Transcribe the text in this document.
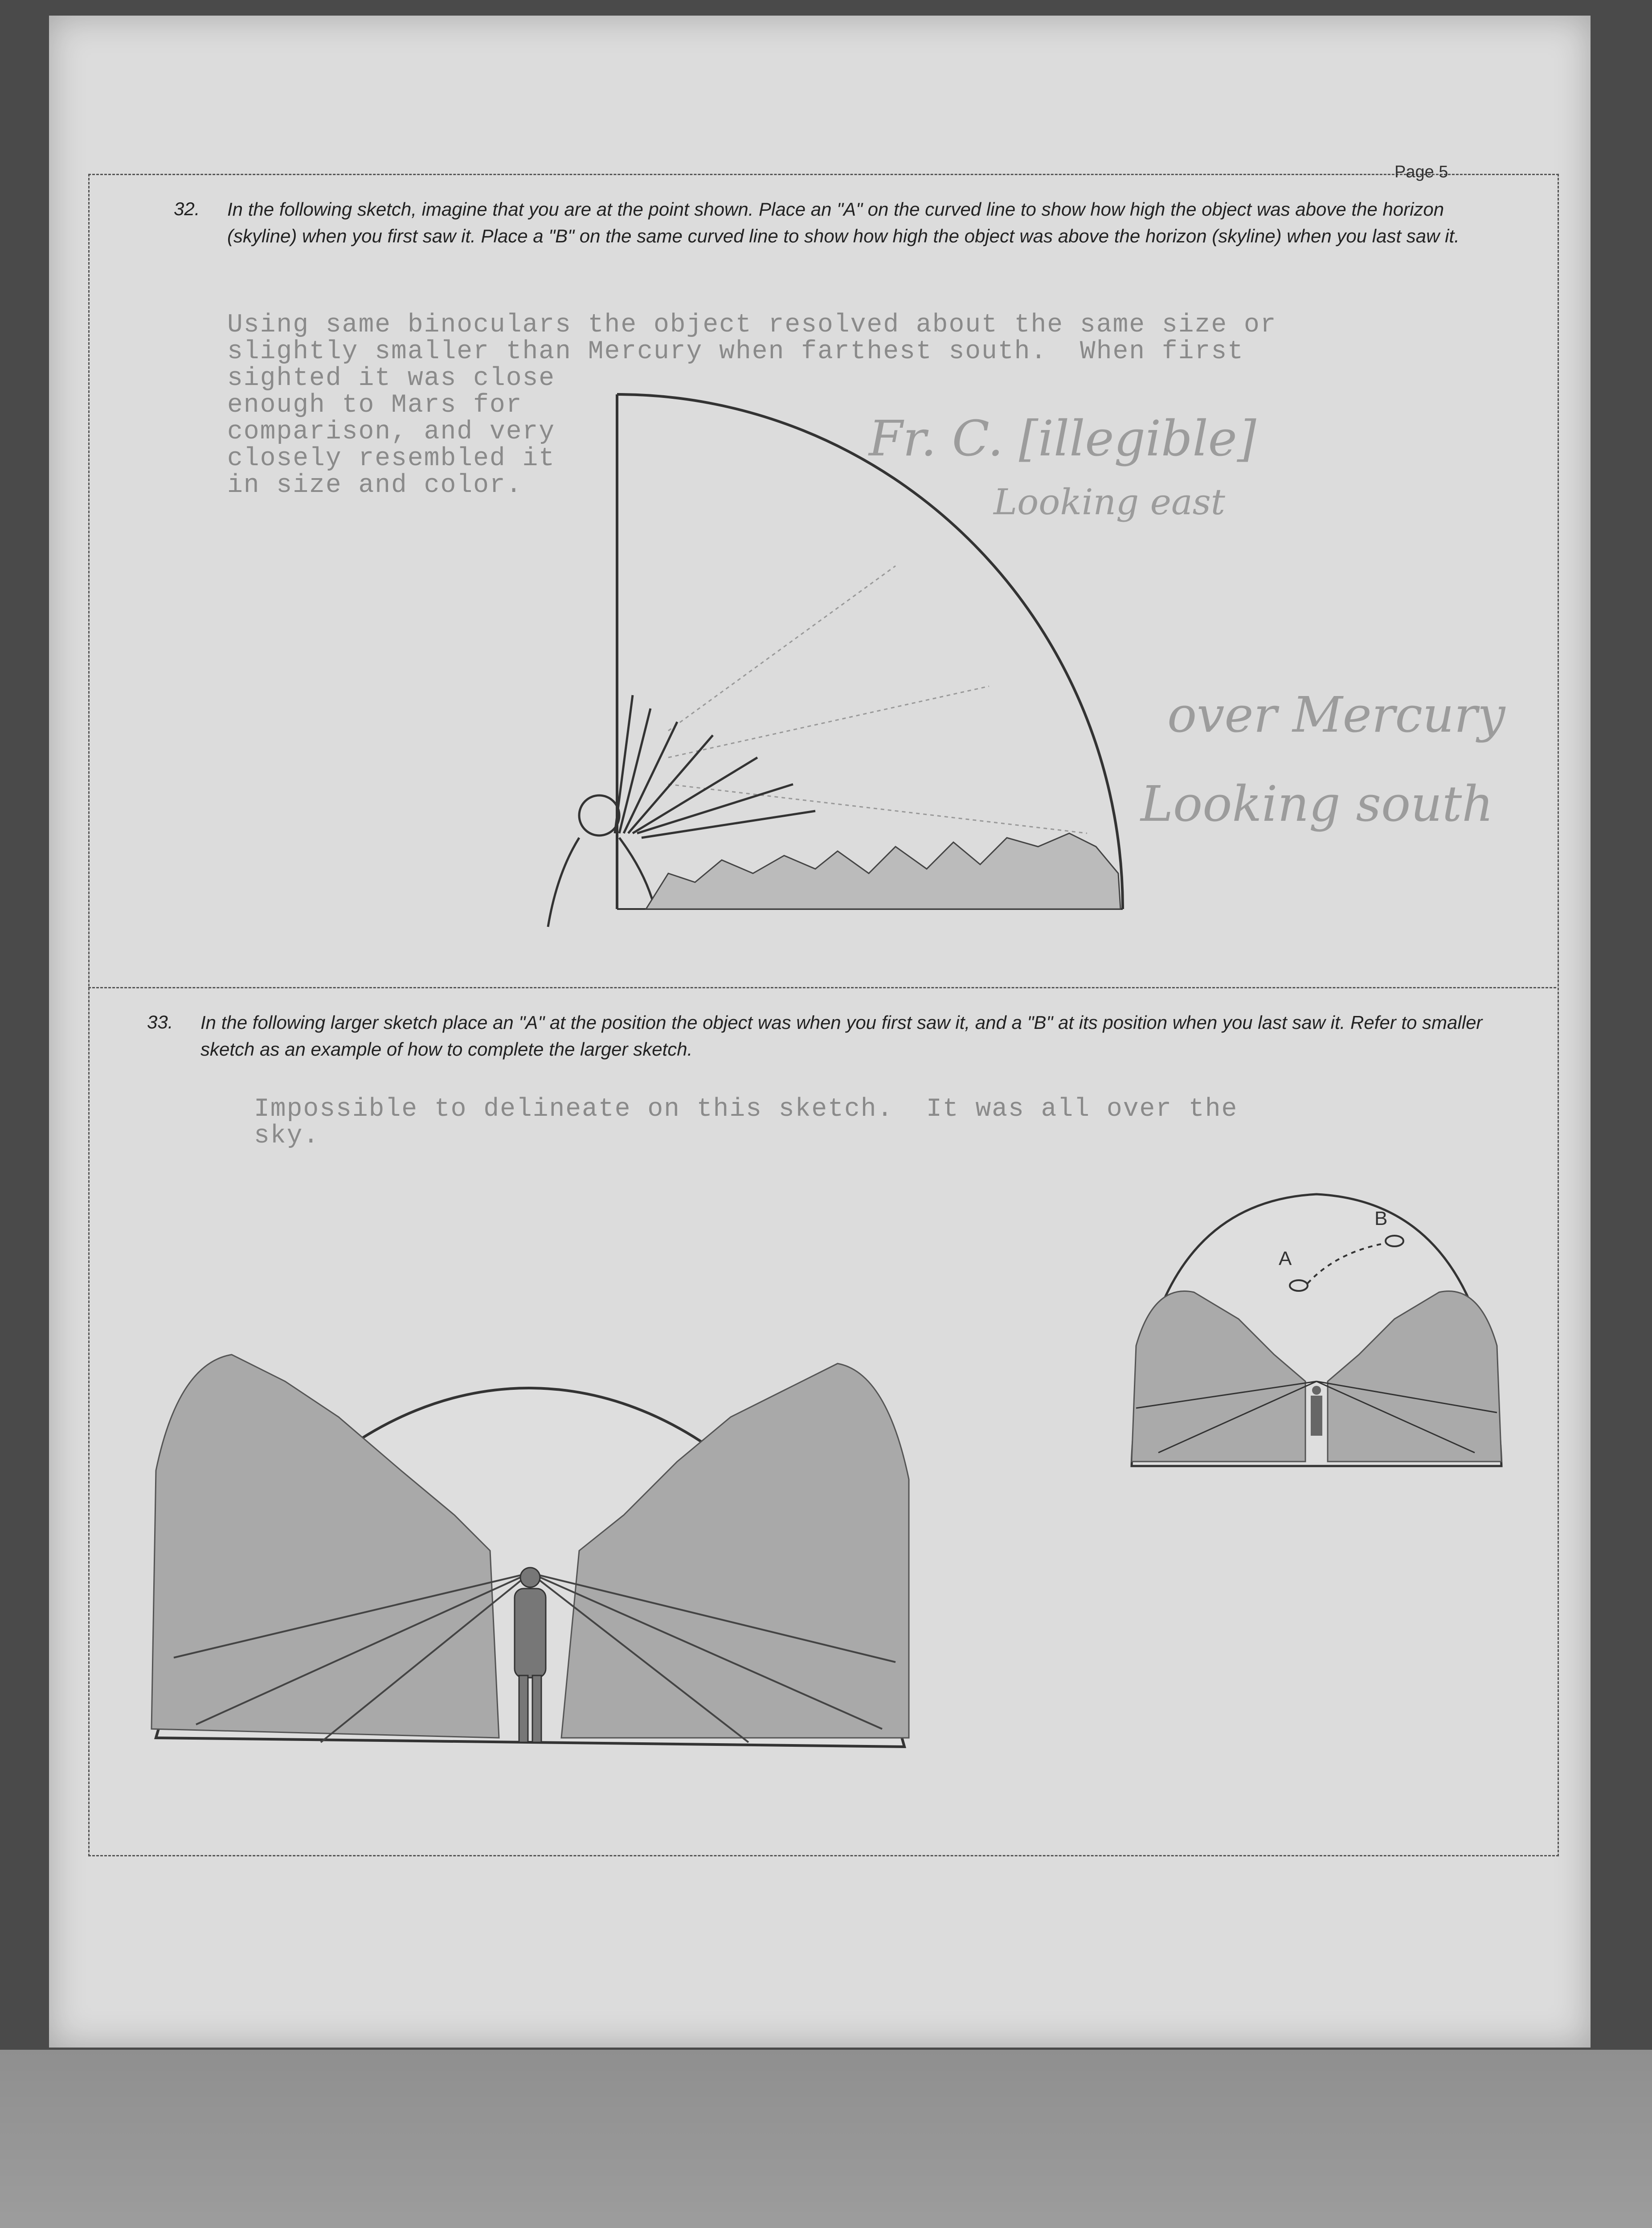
Page 5
32. In the following sketch, imagine that you are at the point shown. Place an "A" on the curved line to show how high the object was above the horizon (skyline) when you first saw it. Place a "B" on the same curved line to show how high the object was above the horizon (skyline) when you last saw it.

Using same binoculars the object resolved about the same size or
slightly smaller than Mercury when farthest south.  When first
sighted it was close
enough to Mars for
comparison, and very
closely resembled it
in size and color.
Fr. C. [illegible]
Looking east
over Mercury
Looking south
33. In the following larger sketch place an "A" at the position the object was when you first saw it, and a "B" at its position when you last saw it. Refer to smaller sketch as an example of how to complete the larger sketch.

Impossible to delineate on this sketch.  It was all over the
sky.
A
B
